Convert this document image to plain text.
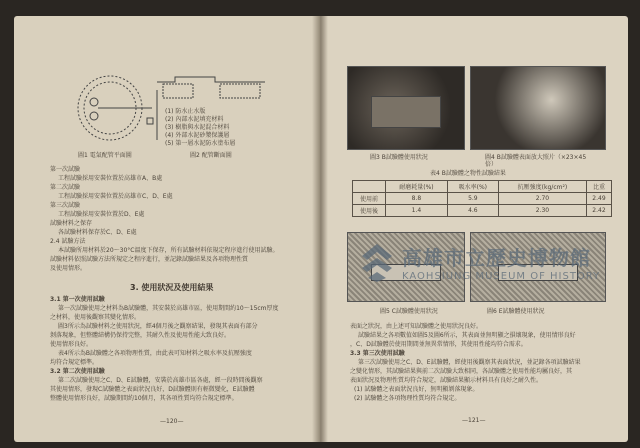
(1) 防水止水版
(2) 內部水泥填充材料
(3) 樹脂與水泥混合材料
(4) 外部水泥砂漿保護層
(5) 第一層水泥防水塗布層
圖1 電氣配管平面圖	圖2 配管斷面圖
第一次試驗
工程試驗採用安裝位置於高雄市A、B處
第二次試驗
工程試驗採用安裝位置於高雄市C、D、E處
第三次試驗
工程試驗採用安裝位置於D、E處
試驗材料之保存
各試驗材料保存於C、D、E處
2.4 試驗方法
本試驗所用材料於20～30°C溫度下保存，所有試驗材料依規定程序進行使用試驗。
試驗材料依照試驗方法所規定之程序進行，並記錄試驗結果及各項物理性質
及使用情形。
3. 使用狀況及使用結果
3.1 第一次使用試驗
第一次試驗使用之材料為B試驗體，其安裝於高雄市區，使用期間約10～15cm厚度
之材料，使用後觀察其變化情形。
圖3所示為試驗材料之使用狀況，經4個月後之觀察結果，發現其表面有部分
剝落現象，但整體結構仍保持完整，其耐久性及使用性能大致良好。
使用情形良好。
表4所示為B試驗體之各項物理性質，由此表可知材料之吸水率及抗壓強度
均符合規定標準。
3.2 第二次使用試驗
第二次試驗使用之C、D、E試驗體，安裝於高雄市區各處，經一段時間後觀察
其使用情形，發現C試驗體之表面狀況良好，D試驗體則有輕微變化，E試驗體
整體使用情形良好，試驗期間約10個月，其各項性質均符合規定標準。
—120—
圖3 B試驗體使用狀況	圖4 B試驗體表面放大照片（×23×45倍）
表4 B試驗體之物性試驗結果
	耐磨耗量(%)	吸水率(%)	抗壓強度(kg/cm²)	比重
使用前	8.8	5.9	2.70	2.49
使用後	1.4	4.6	2.30	2.42
圖5 C試驗體使用狀況	圖6 E試驗體使用狀況
表面之狀況，由上述可知試驗體之使用狀況良好。
試驗結果之各項數值如圖5及圖6所示，其表面並無明顯之損壞現象，使用情形良好
，C、D試驗體於使用期間並無異常情形，其使用性能均符合需求。
3.3 第三次使用試驗
第三次試驗使用之C、D、E試驗體，經使用後觀察其表面狀況，並記錄各項試驗結果
之變化情形，其試驗結果與前二次試驗大致相同，各試驗體之使用性能均屬良好，其
表面狀況及物理性質均符合規定，試驗結果顯示材料具有良好之耐久性。
(1) 試驗體之表面狀況良好，無明顯剝落現象。
(2) 試驗體之各項物理性質均符合規定。
—121—
高雄市立歷史博物館
KAOHSIUNG MUSEUM OF HISTORY
